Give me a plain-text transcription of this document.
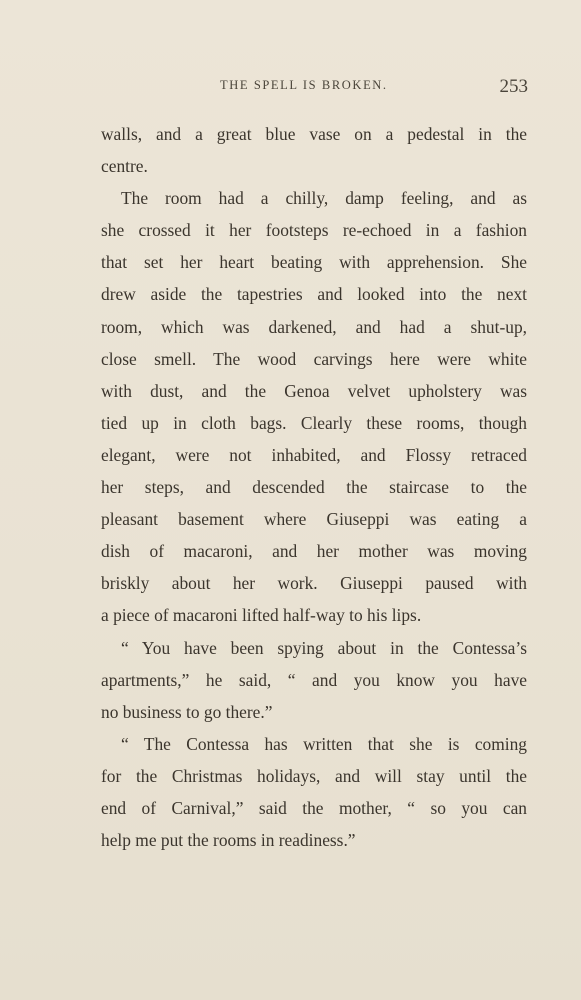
THE SPELL IS BROKEN.	253
walls, and a great blue vase on a pedestal in the
centre.
The room had a chilly, damp feeling, and as
she crossed it her footsteps re-echoed in a fashion
that set her heart beating with apprehension. She
drew aside the tapestries and looked into the next
room, which was darkened, and had a shut-up,
close smell. The wood carvings here were white
with dust, and the Genoa velvet upholstery was
tied up in cloth bags. Clearly these rooms, though
elegant, were not inhabited, and Flossy retraced
her steps, and descended the staircase to the
pleasant basement where Giuseppi was eating a
dish of macaroni, and her mother was moving
briskly about her work. Giuseppi paused with
a piece of macaroni lifted half-way to his lips.
“ You have been spying about in the Contessa’s
apartments,” he said, “ and you know you have
no business to go there.”
“ The Contessa has written that she is coming
for the Christmas holidays, and will stay until the
end of Carnival,” said the mother, “ so you can
help me put the rooms in readiness.”
